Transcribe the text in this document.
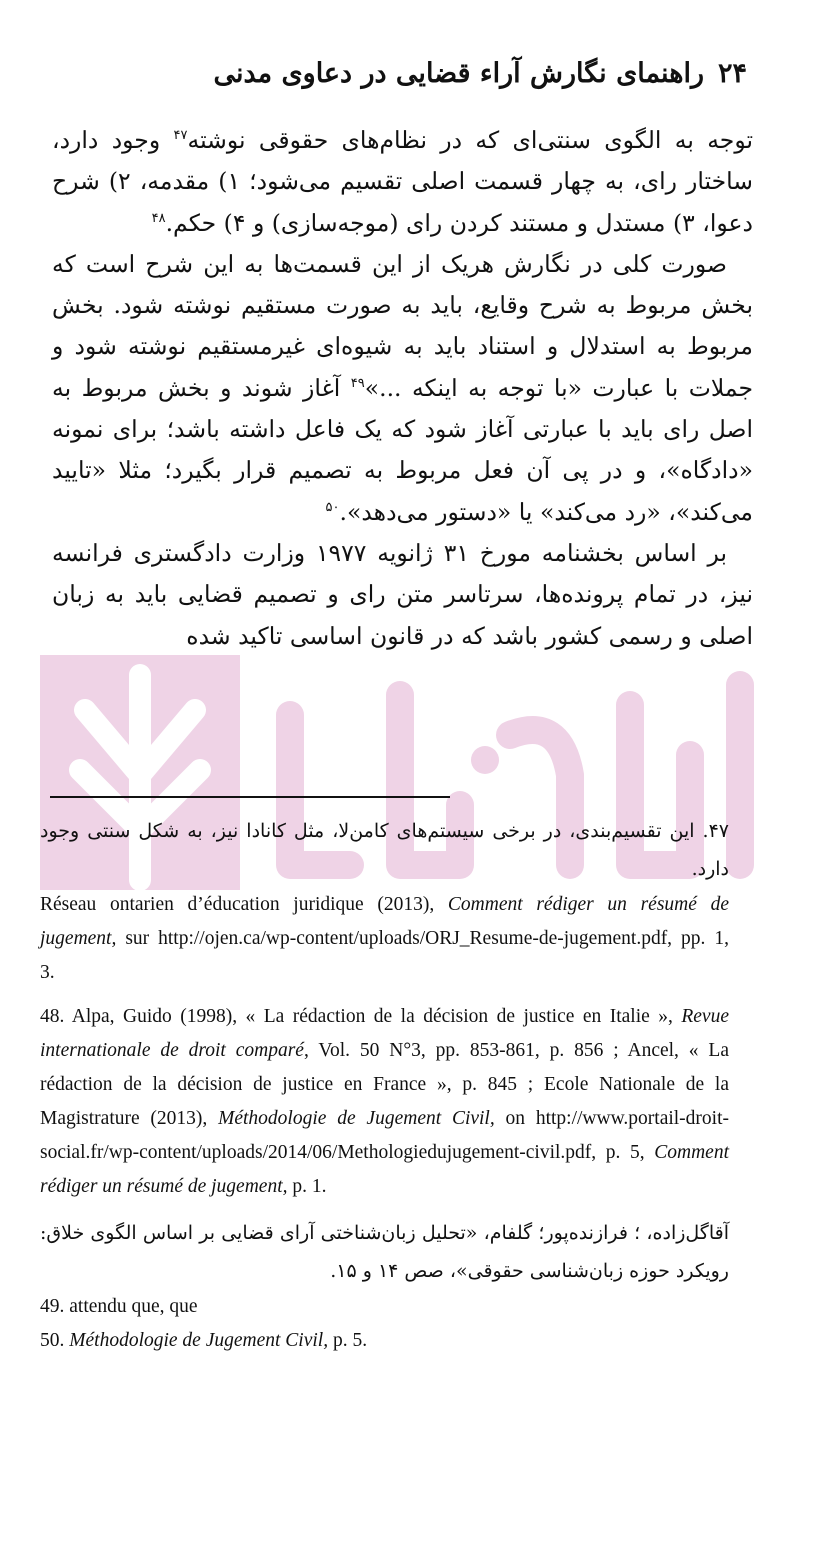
۲۴راهنمای نگارش آراء قضایی در دعاوی مدنی

توجه به الگوی سنتی‌ای که در نظام‌های حقوقی نوشته$^{۴۷}$ وجود دارد، ساختار رای، به چهار قسمت اصلی تقسیم می‌شود؛ ۱) مقدمه، ۲) شرح دعوا، ۳) مستدل و مستند کردن رای (موجه‌سازی) و ۴) حکم.$^{۴۸}$

صورت کلی در نگارش هریک از این قسمت‌ها به این شرح است که بخش مربوط به شرح وقایع، باید به صورت مستقیم نوشته شود. بخش مربوط به استدلال و استناد باید به شیوه‌ای غیرمستقیم نوشته شود و جملات با عبارت «با توجه به اینکه ...»$^{۴۹}$ آغاز شوند و بخش مربوط به اصل رای باید با عبارتی آغاز شود که یک فاعل داشته باشد؛ برای نمونه «دادگاه»، و در پی آن فعل مربوط به تصمیم قرار بگیرد؛ مثلا «تایید می‌کند»، «رد می‌کند» یا «دستور می‌دهد».$^{۵۰}$

بر اساس بخشنامه مورخ ۳۱ ژانویه ۱۹۷۷ وزارت دادگستری فرانسه نیز، در تمام پرونده‌ها، سرتاسر متن رای و تصمیم قضایی باید به زبان اصلی و رسمی کشور باشد که در قانون اساسی تاکید شده

۴۷. این تقسیم‌بندی، در برخی سیستم‌های کامن‌لا، مثل کانادا نیز، به شکل سنتی وجود دارد.

Réseau ontarien d’éducation juridique (2013), Comment rédiger un résumé de jugement, sur http://ojen.ca/wp-content/uploads/ORJ_Resume-de-jugement.pdf, pp. 1, 3.

48. Alpa, Guido (1998), « La rédaction de la décision de justice en Italie », Revue internationale de droit comparé, Vol. 50 N°3, pp. 853-861, p. 856 ; Ancel, « La rédaction de la décision de justice en France », p. 845 ; Ecole Nationale de la Magistrature (2013), Méthodologie de Jugement Civil, on http://www.portail-droit-social.fr/wp-content/uploads/2014/06/Methologiedujugement-civil.pdf, p. 5, Comment rédiger un résumé de jugement, p. 1.

آقاگل‌زاده، ؛ فرازنده‌پور؛ گلفام، «تحلیل زبان‌شناختی آرای قضایی بر اساس الگوی خلاق: رویکرد حوزه زبان‌شناسی حقوقی»، صص ۱۴ و ۱۵.

49. attendu que, que

50. Méthodologie de Jugement Civil, p. 5.
